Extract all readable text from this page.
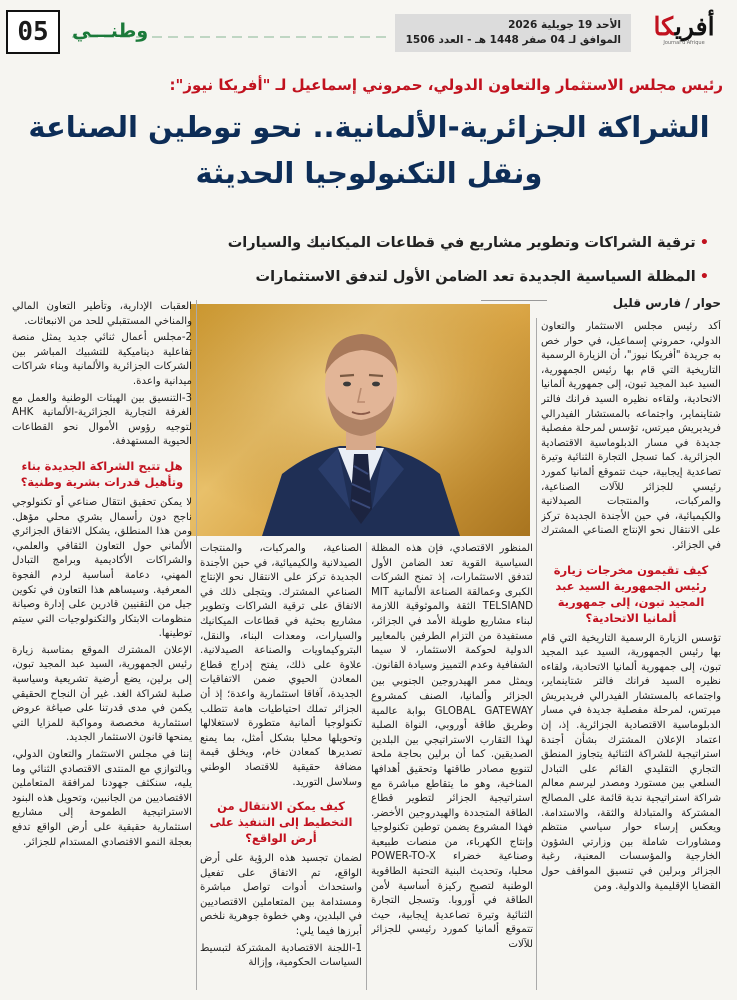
أفريكا
Journal d'Afrique
الأحد 19 جويلية 2026
الموافق لـ 04 صفر 1448 هـ - العدد 1506
وطنـــي
05
رئيس مجلس الاستثمار والتعاون الدولي، حمروني إسماعيل لـ "أفريكا نيوز":
الشراكة الجزائرية-الألمانية.. نحو توطين الصناعة ونقل التكنولوجيا الحديثة
•ترقية الشراكات وتطوير مشاريع في قطاعات الميكانيك والسيارات
•المظلة السياسية الجديدة تعد الضامن الأول لتدفق الاستثمارات
حوار / فارس قليل

أكد رئيس مجلس الاستثمار والتعاون الدولي، حمروني إسماعيل، في حوار خص به جريدة "أفريكا نيوز"، أن الزيارة الرسمية التاريخية التي قام بها رئيس الجمهورية، السيد عبد المجيد تبون، إلى جمهورية ألمانيا الاتحادية، ولقاءه نظيره السيد فرانك فالتر شتاينماير، واجتماعه بالمستشار الفيدرالي فريديريش ميرتس، تؤسس لمرحلة مفصلية جديدة في مسار الدبلوماسية الاقتصادية الجزائرية. كما تسجل التجارة الثنائية وتيرة تصاعدية إيجابية، حيث تتموقع ألمانيا كمورد رئيسي للجزائر للآلات الصناعية، والمركبات، والمنتجات الصيدلانية والكيميائية، في حين الأجندة الجديدة تركز على الانتقال نحو الإنتاج الصناعي المشترك في الجزائر.

كيف تقيمون مخرجات زيارة رئيس الجمهورية السيد عبد المجيد تبون، إلى جمهورية ألمانيا الاتحادية؟

تؤسس الزيارة الرسمية التاريخية التي قام بها رئيس الجمهورية، السيد عبد المجيد تبون، إلى جمهورية ألمانيا الاتحادية، ولقاءه نظيره السيد فرانك فالتر شتاينماير، واجتماعه بالمستشار الفيدرالي فريديريش ميرتس، لمرحلة مفصلية جديدة في مسار الدبلوماسية الاقتصادية الجزائرية. إذ، إن اعتماد الإعلان المشترك بشأن أجندة استراتيجية للشراكة الثنائية يتجاوز المنطق التجاري التقليدي القائم على التبادل السلعي بين مستورد ومصدر ليرسم معالم شراكة استراتيجية ندية قائمة على المصالح المشتركة والمتبادلة والثقة، والاستدامة. ويعكس إرساء حوار سياسي منتظم ومشاورات شاملة بين وزارتي الشؤون الخارجية والمؤسسات المعنية، رغبة الجزائر وبرلين في تنسيق المواقف حول القضايا الإقليمية والدولية. ومن

المنظور الاقتصادي، فإن هذه المظلة السياسية القوية تعد الضامن الأول لتدفق الاستثمارات، إذ تمنح الشركات الكبرى وعمالقة الصناعة الألمانية MIT TELSIAND الثقة والموثوقية اللازمة لبناء مشاريع طويلة الأمد في الجزائر، مستفيدة من التزام الطرفين بالمعايير الدولية لحوكمة الاستثمار، لا سيما الشفافية وعدم التمييز وسيادة القانون.

ويمثل ممر الهيدروجين الجنوبي بين الجزائر وألمانيا، الصنف كمشروع GLOBAL GATEWAY بوابة عالمية وطريق طاقة أوروبي، النواة الصلبة لهذا التقارب الاستراتيجي بين البلدين الصديقين. كما أن برلين بحاجة ملحة لتنويع مصادر طاقتها وتحقيق أهدافها المناخية، وهو ما يتقاطع مباشرة مع استراتيجية الجزائر لتطوير قطاع الطاقة المتجددة والهيدروجين الأخضر. فهذا المشروع يضمن توطين تكنولوجيا وإنتاج الكهرباء، من منصات طبيعية وصناعية خضراء POWER-TO-X محليا، وتحديث البنية التحتية الطاقوية الوطنية لتصبح ركيزة أساسية لأمن الطاقة في أوروبا. وتسجل التجارة الثنائية وتيرة تصاعدية إيجابية، حيث تتموقع ألمانيا كمورد رئيسي للجزائر للآلات

الصناعية، والمركبات، والمنتجات الصيدلانية والكيميائية، في حين الأجندة الجديدة تركز على الانتقال نحو الإنتاج الصناعي المشترك. ويتجلى ذلك في الاتفاق على ترقية الشراكات وتطوير مشاريع بحثية في قطاعات الميكانيك والسيارات، ومعدات البناء، والنقل، البتروكيماويات والصناعة الصيدلانية. علاوة على ذلك، يفتح إدراج قطاع المعادن الحيوي ضمن الاتفاقيات الجديدة، آفاقا استثمارية واعدة؛ إذ أن الجزائر تملك احتياطيات هامة تتطلب تكنولوجيا ألمانية متطورة لاستغلالها وتحويلها محليا بشكل أمثل، بما يمنع تصديرها كمعادن خام، ويخلق قيمة مضافة حقيقية للاقتصاد الوطني وسلاسل التوريد.

كيف يمكن الانتقال من التخطيط إلى التنفيذ على أرض الواقع؟

لضمان تجسيد هذه الرؤية على أرض الواقع، تم الاتفاق على تفعيل واستحداث أدوات تواصل مباشرة ومستدامة بين المتعاملين الاقتصاديين في البلدين، وهي خطوة جوهرية نلخص أبرزها فيما يلي:

1-اللجنة الاقتصادية المشتركة لتبسيط السياسات الحكومية، وإزالة

العقبات الإدارية، وتأطير التعاون المالي والمناخي المستقبلي للحد من الانبعاثات.

2-مجلس أعمال ثنائي جديد يمثل منصة تفاعلية ديناميكية للتشبيك المباشر بين الشركات الجزائرية والألمانية وبناء شراكات ميدانية واعدة.

3-التنسيق بين الهيئات الوطنية والعمل مع الغرفة التجارية الجزائرية-الألمانية AHK لتوجيه رؤوس الأموال نحو القطاعات الحيوية المستهدفة.

هل تتيح الشراكة الجديدة بناء وتأهيل قدرات بشرية وطنية؟

لا يمكن تحقيق انتقال صناعي أو تكنولوجي ناجح دون رأسمال بشري محلي مؤهل. ومن هذا المنطلق، يشكل الاتفاق الجزائري الألماني حول التعاون الثقافي والعلمي، والشراكات الأكاديمية وبرامج التبادل المهني، دعامة أساسية لردم الفجوة المعرفية. وسيساهم هذا التعاون في تكوين جيل من التقنيين قادرين على إدارة وصيانة منظومات الابتكار والتكنولوجيات التي سيتم توطينها.

الإعلان المشترك الموقع بمناسبة زيارة رئيس الجمهورية، السيد عبد المجيد تبون، إلى برلين، يضع أرضية تشريعية وسياسية صلبة لشراكة الغد. غير أن النجاح الحقيقي يكمن في مدى قدرتنا على صياغة عروض استثمارية مخصصة ومواكبة للمزايا التي يمنحها قانون الاستثمار الجديد.

إننا في مجلس الاستثمار والتعاون الدولي، وبالتوازي مع المنتدى الاقتصادي الثنائي وما يليه، سنكثف جهودنا لمرافقة المتعاملين الاقتصاديين من الجانبين، وتحويل هذه البنود الاستراتيجية الطموحة إلى مشاريع استثمارية حقيقية على أرض الواقع تدفع بعجلة النمو الاقتصادي المستدام للجزائر.
